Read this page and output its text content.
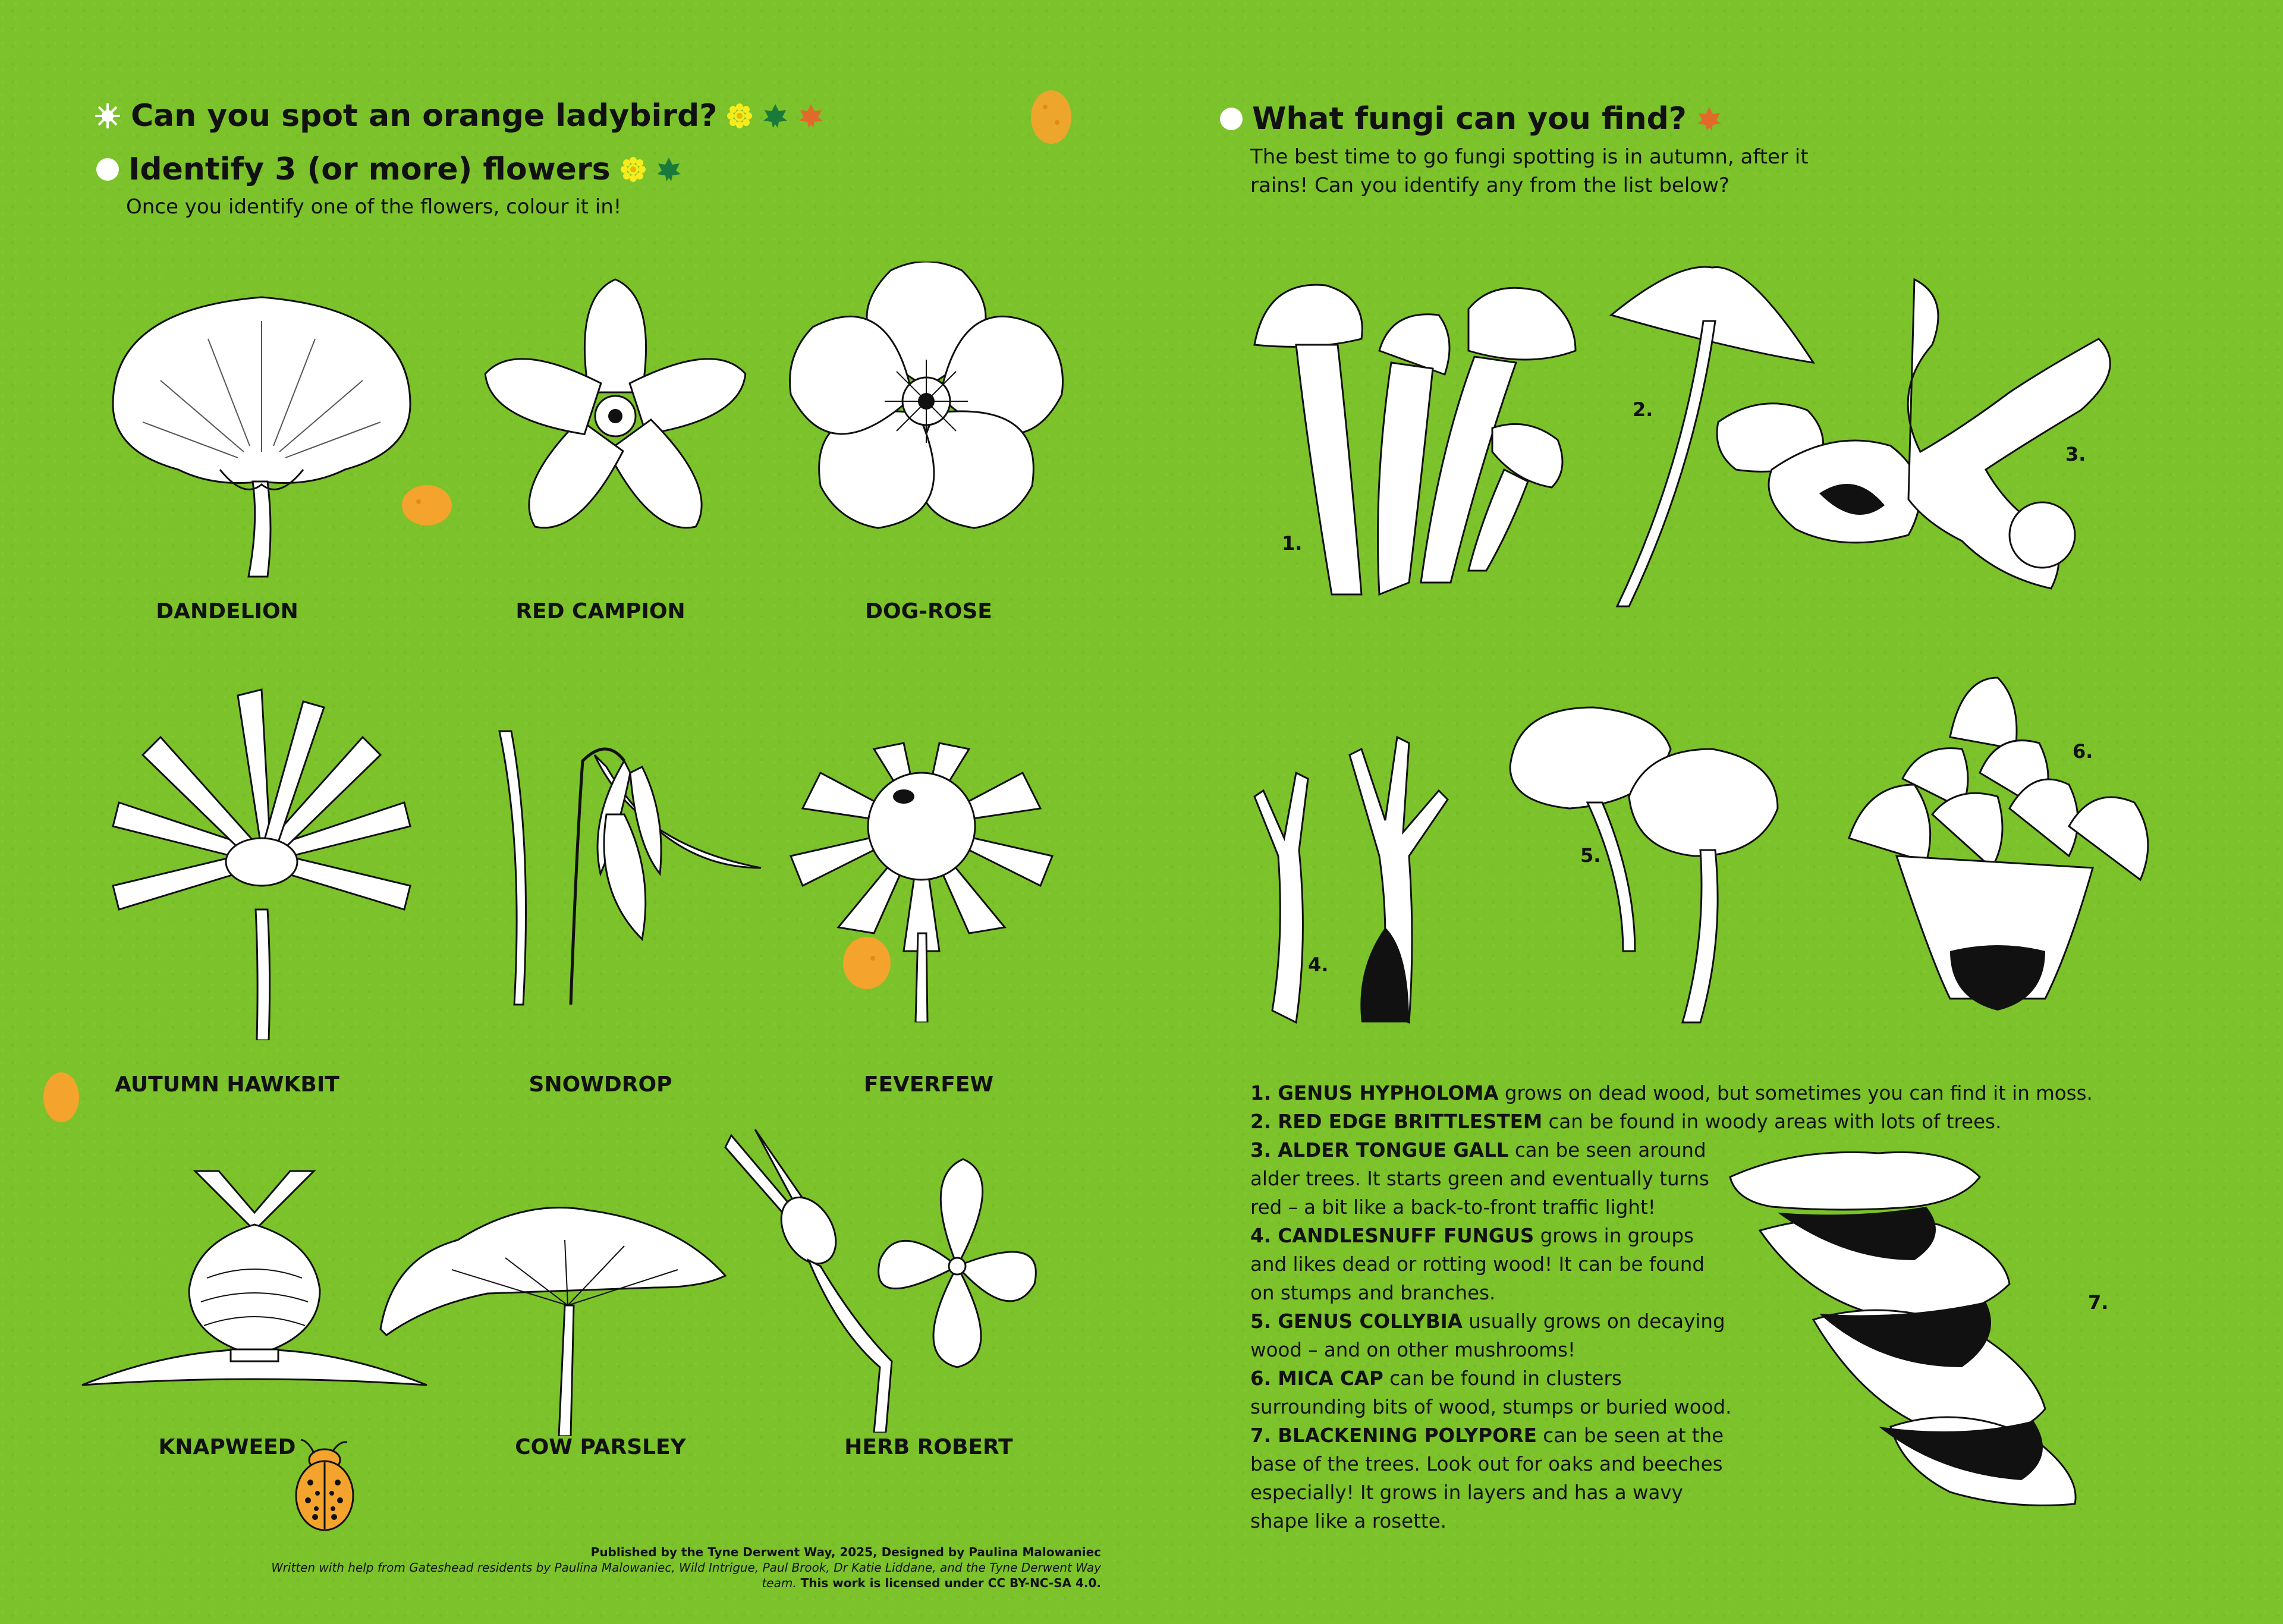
Can you spot an orange ladybird?
Identify 3 (or more) flowers
Once you identify one of the flowers, colour it in!
DANDELION	RED CAMPION	DOG-ROSE
AUTUMN HAWKBIT	SNOWDROP	FEVERFEW
KNAPWEED	COW PARSLEY	HERB ROBERT
Published by the Tyne Derwent Way, 2025, Designed by Paulina Malowaniec
Written with help from Gateshead residents by Paulina Malowaniec, Wild Intrigue, Paul Brook, Dr Katie Liddane, and the Tyne Derwent Way
team. This work is licensed under CC BY-NC-SA 4.0.
What fungi can you find?
The best time to go fungi spotting is in autumn, after it
rains! Can you identify any from the list below?
1.
2.
3.
4.
5.
6.
7.

1. GENUS HYPHOLOMA grows on dead wood, but sometimes you can find it in moss.

2. RED EDGE BRITTLESTEM can be found in woody areas with lots of trees.

3. ALDER TONGUE GALL can be seen around

alder trees. It starts green and eventually turns

red – a bit like a back-to-front traffic light!

4. CANDLESNUFF FUNGUS grows in groups

and likes dead or rotting wood! It can be found

on stumps and branches.

5. GENUS COLLYBIA usually grows on decaying

wood – and on other mushrooms!

6. MICA CAP can be found in clusters

surrounding bits of wood, stumps or buried wood.

7. BLACKENING POLYPORE can be seen at the

base of the trees. Look out for oaks and beeches

especially! It grows in layers and has a wavy

shape like a rosette.
